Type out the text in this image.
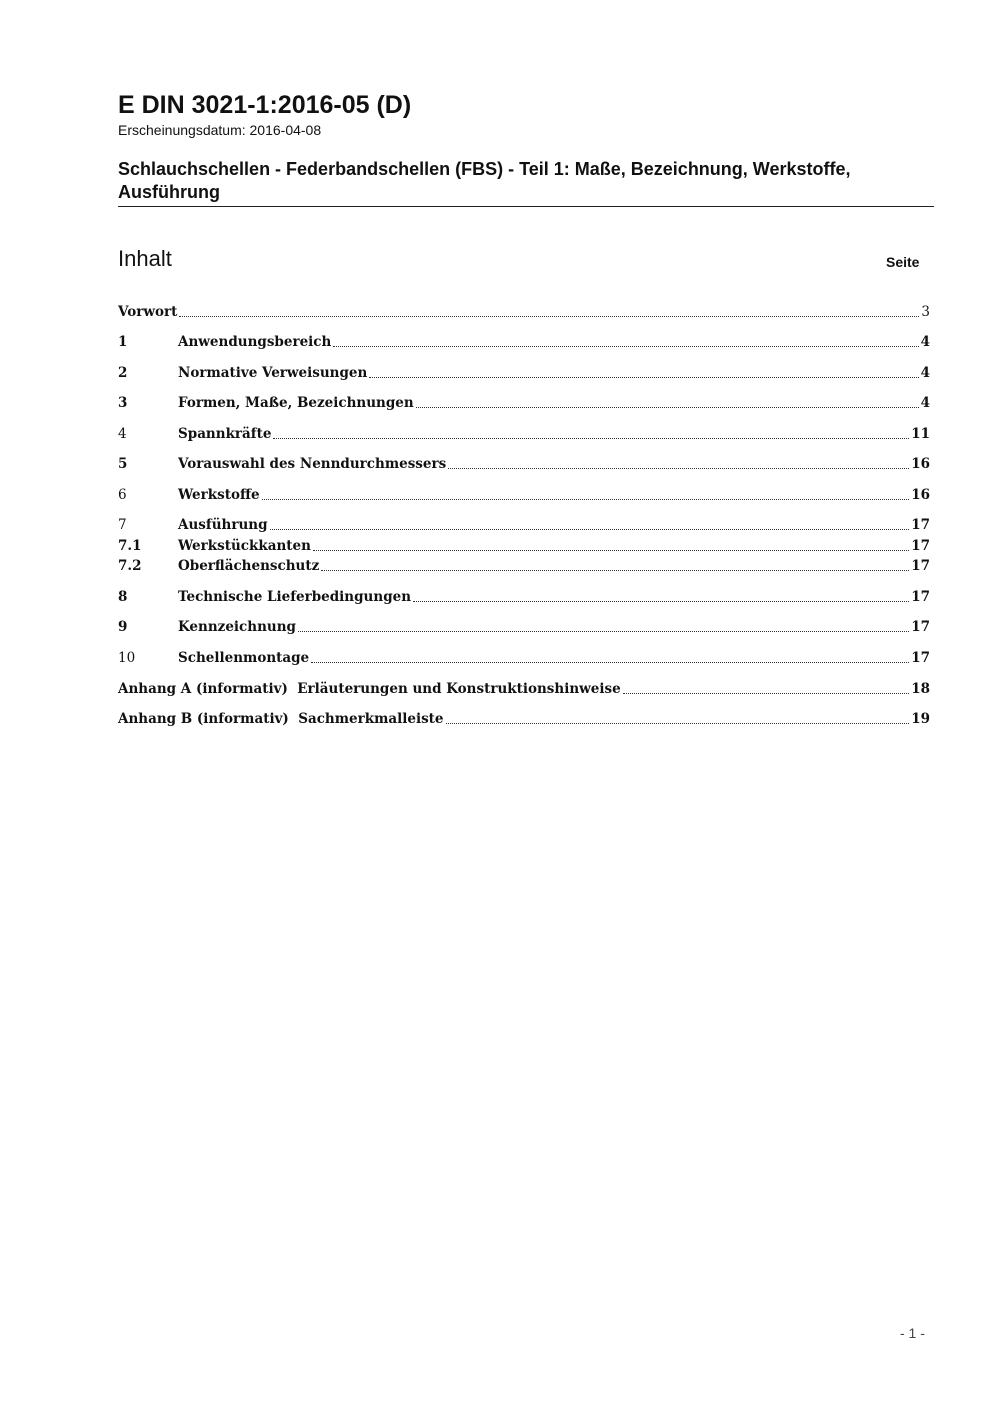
E DIN 3021-1:2016-05 (D)

Erscheinungsdatum: 2016-04-08

Schlauchschellen - Federbandschellen (FBS) - Teil 1: Maße, Bezeichnung, Werkstoffe, Ausführung
Inhalt	Seite

Vorwort	3
1	Anwendungsbereich	4
2	Normative Verweisungen	4
3	Formen, Maße, Bezeichnungen	4
4	Spannkräfte	11
5	Vorauswahl des Nenndurchmessers	16
6	Werkstoffe	16
7	Ausführung	17
7.1	Werkstückkanten	17
7.2	Oberflächenschutz	17
8	Technische Lieferbedingungen	17
9	Kennzeichnung	17
10	Schellenmontage	17
Anhang A (informativ)  Erläuterungen und Konstruktionshinweise	18
Anhang B (informativ)  Sachmerkmalleiste	19

- 1 -
